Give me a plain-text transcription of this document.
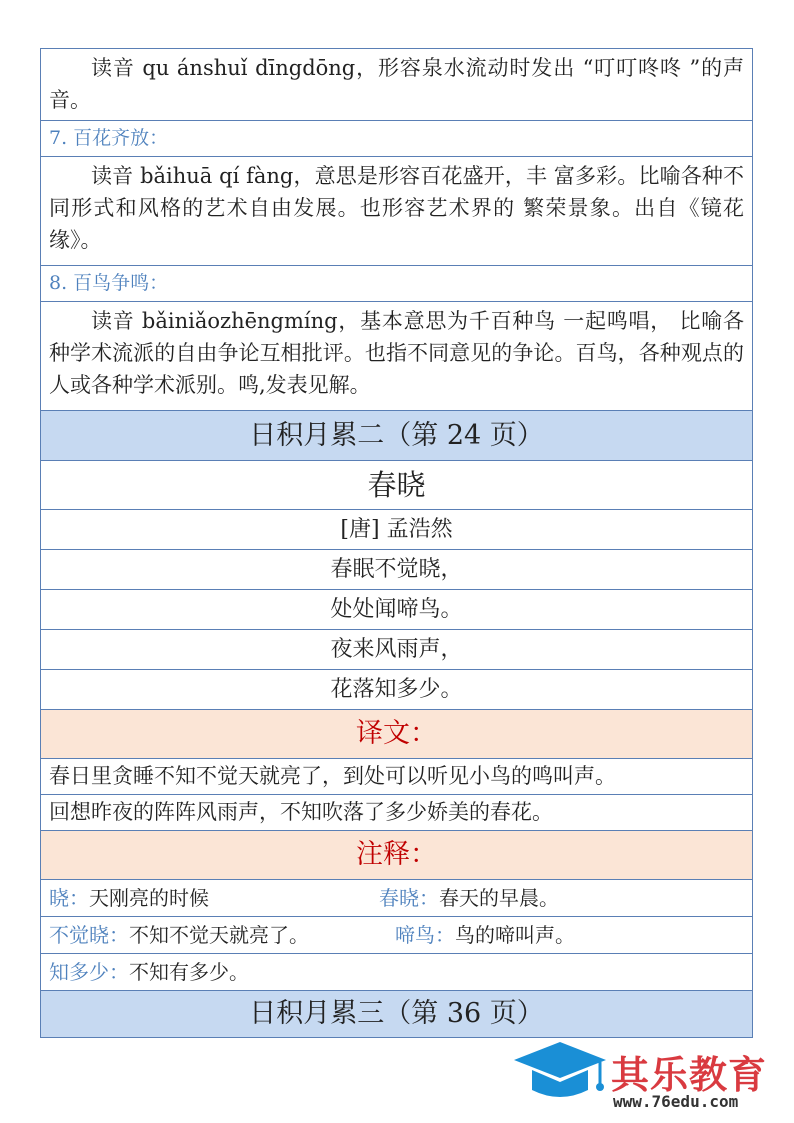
读音 qu ánshuǐ dīngdōng，形容泉水流动时发出 “叮叮咚咚 ”的声音。
7. 百花齐放：
读音 bǎihuā qí fàng，意思是形容百花盛开，丰 富多彩。比喻各种不同形式和风格的艺术自由发展。也形容艺术界的 繁荣景象。出自《镜花缘》。
8. 百鸟争鸣：
读音 bǎiniǎozhēngmíng，基本意思为千百种鸟 一起鸣唱， 比喻各种学术流派的自由争论互相批评。也指不同意见的争论。百鸟，各种观点的人或各种学术派别。鸣,发表见解。
日积月累二（第 24 页）
春晓
[唐] 孟浩然
春眠不觉晓，
处处闻啼鸟。
夜来风雨声，
花落知多少。
译文：
春日里贪睡不知不觉天就亮了，到处可以听见小鸟的鸣叫声。
回想昨夜的阵阵风雨声，不知吹落了多少娇美的春花。
注释：
晓：天刚亮的时候	春晓：春天的早晨。
不觉晓：不知不觉天就亮了。	啼鸟：鸟的啼叫声。
知多少：不知有多少。
日积月累三（第 36 页）
其乐教育
www.76edu.com
